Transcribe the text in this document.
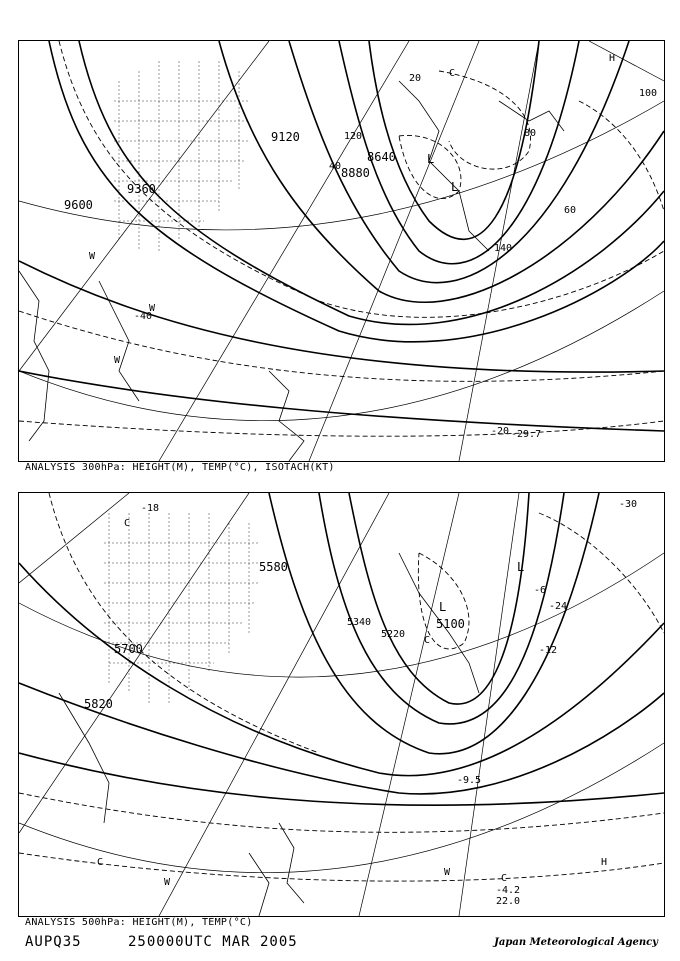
9120
8640
8880
9360
9600
20
40
60
80
100
120
140
-20
-40
-29.7
L
L
W
W
W
H
C
ANALYSIS 300hPa: HEIGHT(M), TEMP(°C), ISOTACH(KT)
5580
5700
5820
5340
5220
5100
-18	-30
-24
-6
-12
-9.5
-4.2
22.0
C
L
L
C
W
W
C	H
C
ANALYSIS 500hPa: HEIGHT(M), TEMP(°C)
AUPQ35	250000UTC MAR 2005	Japan Meteorological Agency
